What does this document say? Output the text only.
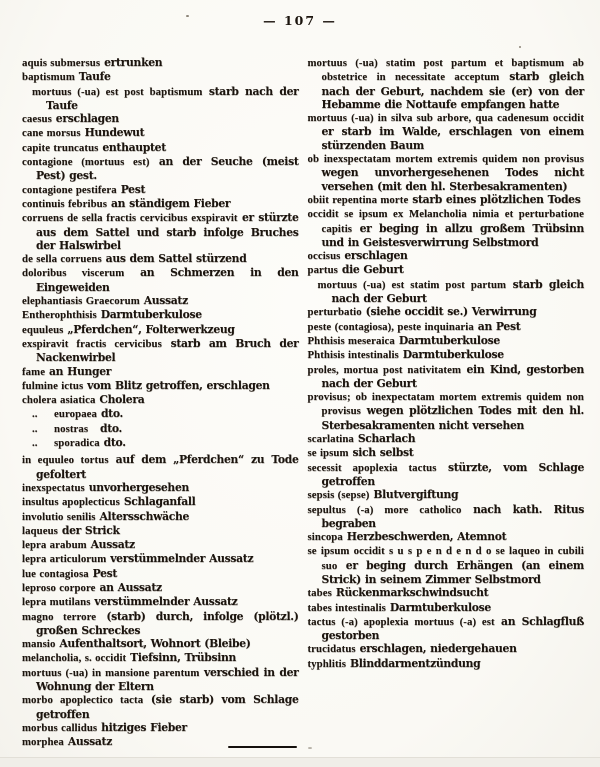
— 107 —

aquis submersus ertrunken

baptismum Taufe

mortuus (-ua) est post baptismum starb nach der Taufe

caesus erschlagen

cane morsus Hundewut

capite truncatus enthauptet

contagione (mortuus est) an der Seuche (meist Pest) gest.

contagione pestifera Pest

continuis febribus an ständigem Fieber

corruens de sella fractis cervicibus exspiravit er stürzte aus dem Sattel und starb infolge Bruches der Halswirbel

de sella corruens aus dem Sattel stürzend

doloribus viscerum an Schmerzen in den Eingeweiden

elephantiasis Graecorum Aussatz

Entherophthisis Darmtuberkulose

equuleus „Pferdchen“, Folterwerkzeug

exspiravit fractis cervicibus starb am Bruch der Nackenwirbel

fame an Hunger

fulmine ictus vom Blitz getroffen, erschlagen

cholera asiatica Cholera

..     europaea dto.

..     nostras   dto.

..     sporadica dto.

in equuleo tortus auf dem „Pferdchen“ zu Tode gefoltert

inexspectatus unvorhergesehen

insultus apoplecticus Schlaganfall

involutio senilis Altersschwäche

laqueus der Strick

lepra arabum Aussatz

lepra articulorum verstümmelnder Aussatz

lue contagiosa Pest

leproso corpore an Aussatz

lepra mutilans verstümmelnder Aussatz

magno terrore (starb) durch, infolge (plötzl.) großen Schreckes

mansio Aufenthaltsort, Wohnort (Bleibe)

melancholia, s. occidit Tiefsinn, Trübsinn

mortuus (-ua) in mansione parentum verschied in der Wohnung der Eltern

morbo apoplectico tacta (sie starb) vom Schlage getroffen

morbus callidus hitziges Fieber

morphea Aussatz

mortuus (-ua) statim post partum et baptismum ab obstetrice in necessitate acceptum starb gleich nach der Geburt, nachdem sie (er) von der Hebamme die Nottaufe empfangen hatte

mortuus (-ua) in silva sub arbore, qua cadenesum occidit er starb im Walde, erschlagen von einem stürzenden Baum

ob inexspectatam mortem extremis quidem non provisus wegen unvorhergesehenen Todes nicht versehen (mit den hl. Sterbesakramenten)

obiit repentina morte starb eines plötzlichen Todes

occidit se ipsum ex Melancholia nimia et perturbatione capitis er beging in allzu großem Trübsinn und in Geistesverwirrung Selbstmord

occisus erschlagen

partus die Geburt

mortuus (-ua) est statim post partum starb gleich nach der Geburt

perturbatio (siehe occidit se.) Verwirrung

peste (contagiosa), peste inquinaria an Pest

Phthisis meseraica Darmtuberkulose

Phthisis intestinalis Darmtuberkulose

proles, mortua post nativitatem ein Kind, gestorben nach der Geburt

provisus; ob inexpectatam mortem extremis quidem non provisus wegen plötzlichen Todes mit den hl. Sterbesakramenten nicht versehen

scarlatina Scharlach

se ipsum sich selbst

secessit apoplexia tactus stürzte, vom Schlage getroffen

sepsis (sepse) Blutvergiftung

sepultus (-a) more catholico nach kath. Ritus begraben

sincopa Herzbeschwerden, Atemnot

se ipsum occidit s u s p e n d e n d o se laqueo in cubili suo er beging durch Erhängen (an einem Strick) in seinem Zimmer Selbstmord

tabes Rückenmarkschwindsucht

tabes intestinalis Darmtuberkulose

tactus (-a) apoplexia mortuus (-a) est an Schlagfluß gestorben

trucidatus erschlagen, niedergehauen

typhlitis Blinddarmentzündung
